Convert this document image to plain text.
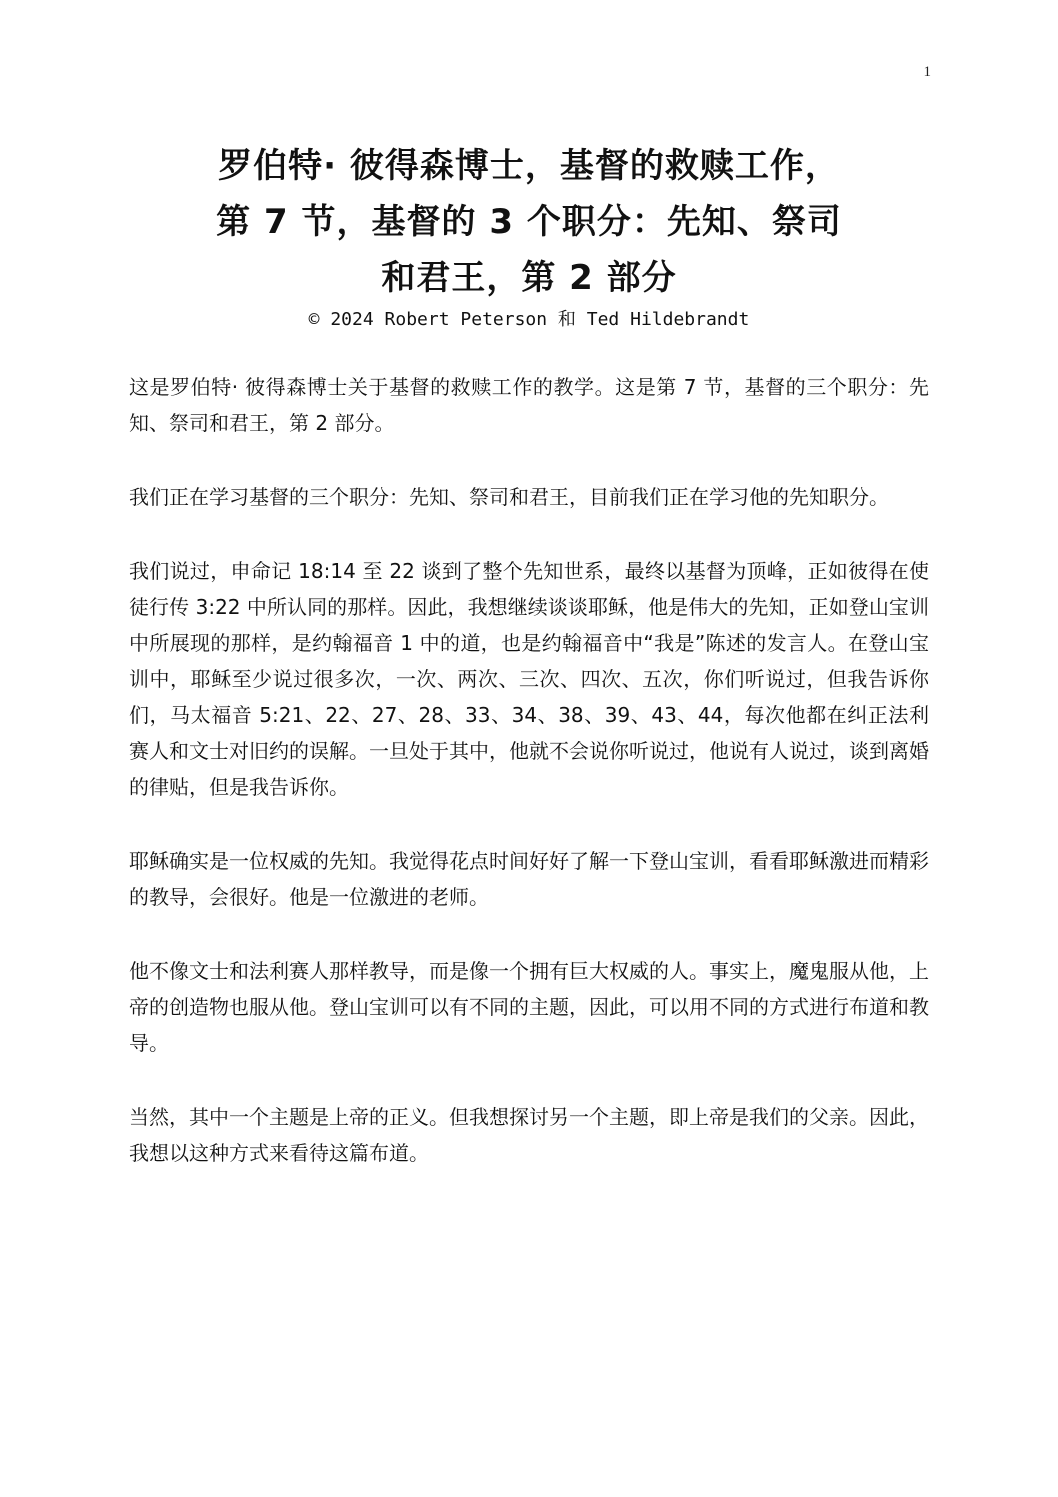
1
罗伯特· 彼得森博士，基督的救赎工作，
第 7 节，基督的 3 个职分：先知、祭司
和君王，第 2 部分
© 2024 Robert Peterson 和 Ted Hildebrandt

这是罗伯特· 彼得森博士关于基督的救赎工作的教学。这是第 7 节，基督的三个职分：先知、祭司和君王，第 2 部分。

我们正在学习基督的三个职分：先知、祭司和君王，目前我们正在学习他的先知职分。

我们说过，申命记 18:14 至 22 谈到了整个先知世系，最终以基督为顶峰，正如彼得在使徒行传 3:22 中所认同的那样。因此，我想继续谈谈耶稣，他是伟大的先知，正如登山宝训中所展现的那样，是约翰福音 1 中的道，也是约翰福音中“我是”陈述的发言人。在登山宝训中，耶稣至少说过很多次，一次、两次、三次、四次、五次，你们听说过，但我告诉你们，马太福音 5:21、22、27、28、33、34、38、39、43、44，每次他都在纠正法利赛人和文士对旧约的误解。一旦处于其中，他就不会说你听说过，他说有人说过，谈到离婚的律贴，但是我告诉你。

耶稣确实是一位权威的先知。我觉得花点时间好好了解一下登山宝训，看看耶稣激进而精彩的教导，会很好。他是一位激进的老师。

他不像文士和法利赛人那样教导，而是像一个拥有巨大权威的人。事实上，魔鬼服从他，上帝的创造物也服从他。登山宝训可以有不同的主题，因此，可以用不同的方式进行布道和教导。

当然，其中一个主题是上帝的正义。但我想探讨另一个主题，即上帝是我们的父亲。因此，我想以这种方式来看待这篇布道。
